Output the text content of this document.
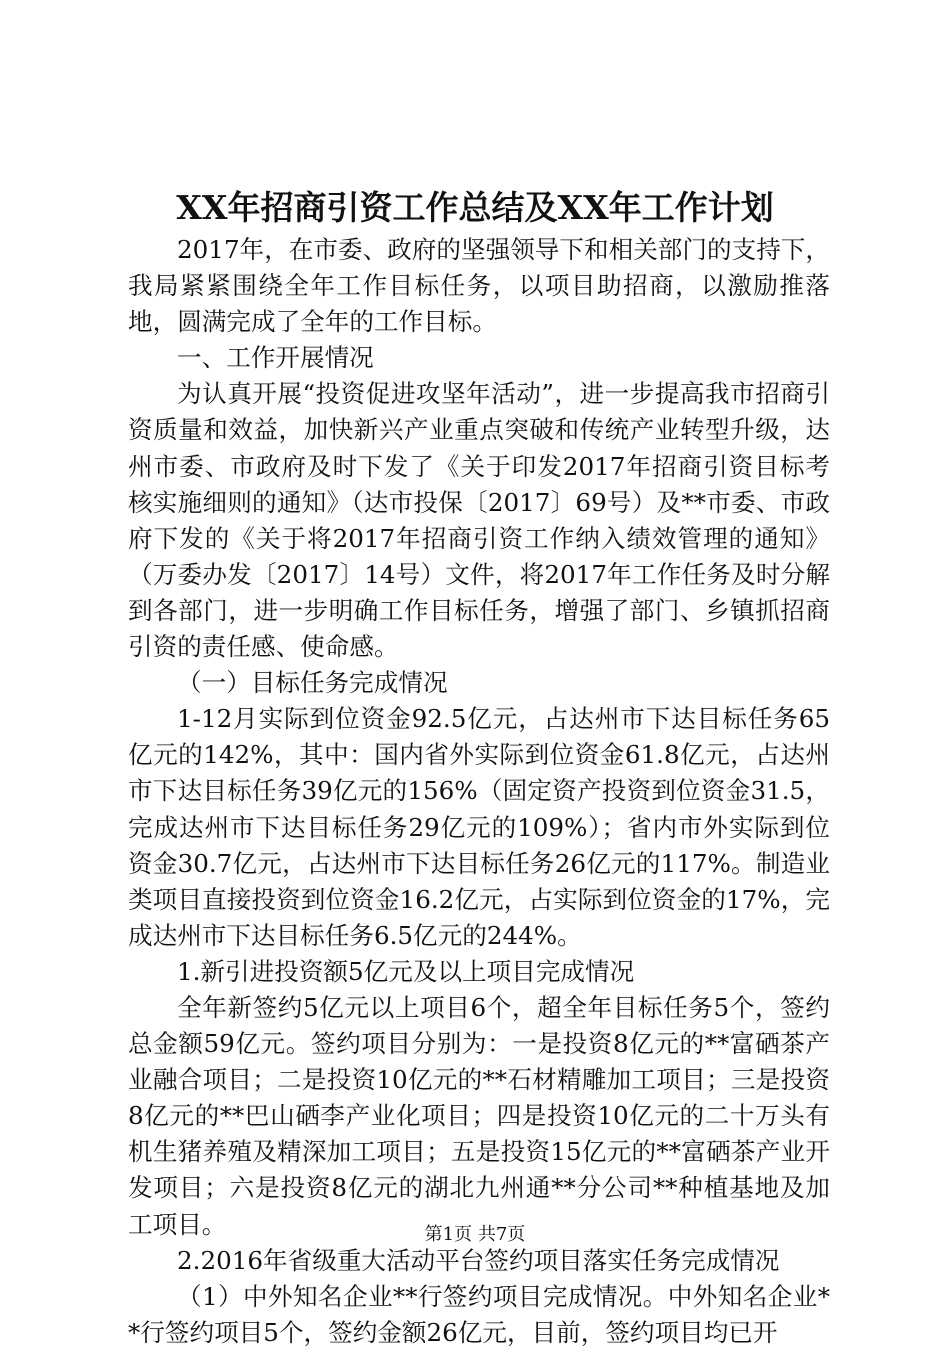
XX年招商引资工作总结及XX年工作计划

2017年，在市委、政府的坚强领导下和相关部门的支持下，我局紧紧围绕全年工作目标任务，以项目助招商，以激励推落地，圆满完成了全年的工作目标。

一、工作开展情况

为认真开展“投资促进攻坚年活动”，进一步提高我市招商引资质量和效益，加快新兴产业重点突破和传统产业转型升级，达州市委、市政府及时下发了《关于印发2017年招商引资目标考核实施细则的通知》（达市投保〔2017〕69号）及**市委、市政府下发的《关于将2017年招商引资工作纳入绩效管理的通知》（万委办发〔2017〕14号）文件，将2017年工作任务及时分解到各部门，进一步明确工作目标任务，增强了部门、乡镇抓招商引资的责任感、使命感。

（一）目标任务完成情况

1-12月实际到位资金92.5亿元，占达州市下达目标任务65亿元的142%，其中：国内省外实际到位资金61.8亿元，占达州市下达目标任务39亿元的156%（固定资产投资到位资金31.5，完成达州市下达目标任务29亿元的109%）；省内市外实际到位资金30.7亿元，占达州市下达目标任务26亿元的117%。制造业类项目直接投资到位资金16.2亿元，占实际到位资金的17%，完成达州市下达目标任务6.5亿元的244%。

1.新引进投资额5亿元及以上项目完成情况

全年新签约5亿元以上项目6个，超全年目标任务5个，签约总金额59亿元。签约项目分别为：一是投资8亿元的**富硒茶产业融合项目；二是投资10亿元的**石材精雕加工项目；三是投资8亿元的**巴山硒李产业化项目；四是投资10亿元的二十万头有机生猪养殖及精深加工项目；五是投资15亿元的**富硒茶产业开发项目；六是投资8亿元的湖北九州通**分公司**种植基地及加工项目。

2.2016年省级重大活动平台签约项目落实任务完成情况

（1）中外知名企业**行签约项目完成情况。中外知名企业**行签约项目5个，签约金额26亿元，目前，签约项目均已开

第1页 共7页
